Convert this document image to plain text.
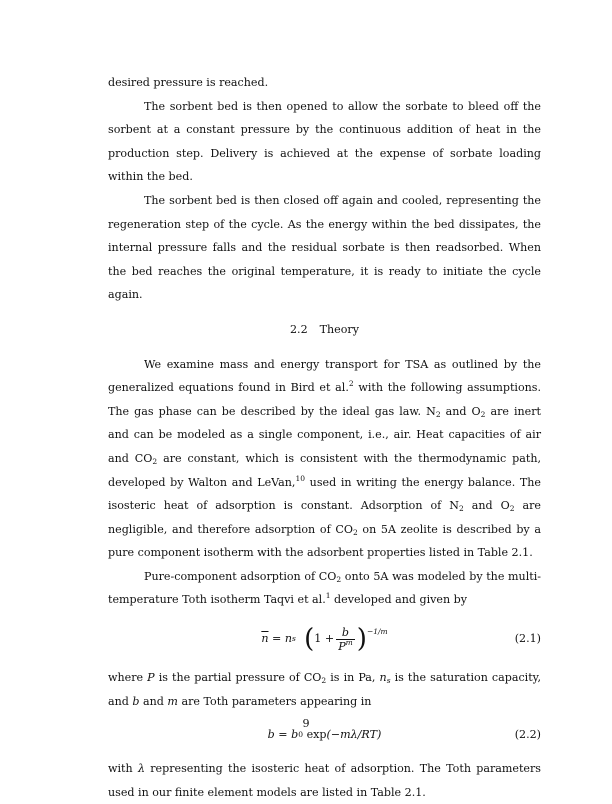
desired pressure is reached.

The sorbent bed is then opened to allow the sorbate to bleed off the sorbent at a constant pressure by the continuous addition of heat in the production step. Delivery is achieved at the expense of sorbate loading within the bed.

The sorbent bed is then closed off again and cooled, representing the regeneration step of the cycle. As the energy within the bed dissipates, the internal pressure falls and the residual sorbate is then readsorbed. When the bed reaches the original temperature, it is ready to initiate the cycle again.

2.2 Theory

We examine mass and energy transport for TSA as outlined by the generalized equations found in Bird et al.$^2$ with the following assumptions. The gas phase can be described by the ideal gas law. $N_2$ and $O_2$ are inert and can be modeled as a single component, i.e., air. Heat capacities of air and $CO_2$ are constant, which is consistent with the thermodynamic path, developed by Walton and LeVan,$^{10}$ used in writing the energy balance. The isosteric heat of adsorption is constant. Adsorption of $N_2$ and $O_2$ are negligible, and therefore adsorption of $CO_2$ on 5A zeolite is described by a pure component isotherm with the adsorbent properties listed in Table 2.1.

Pure-component adsorption of $CO_2$ onto 5A was modeled by the multi-temperature Toth isotherm Taqvi et al.$^1$ developed and given by

$\overline{n} = n$ s ( $1 + \frac{b}{P^m}$ ) −1/m
(2.1)

where P is the partial pressure of $CO_2$ is in Pa, $n_s$ is the saturation capacity, and b and m are Toth parameters appearing in

b = b 0
exp (−mλ/RT)	(2.2)

with λ representing the isosteric heat of adsorption. The Toth parameters used in our finite element models are listed in Table 2.1.

9
